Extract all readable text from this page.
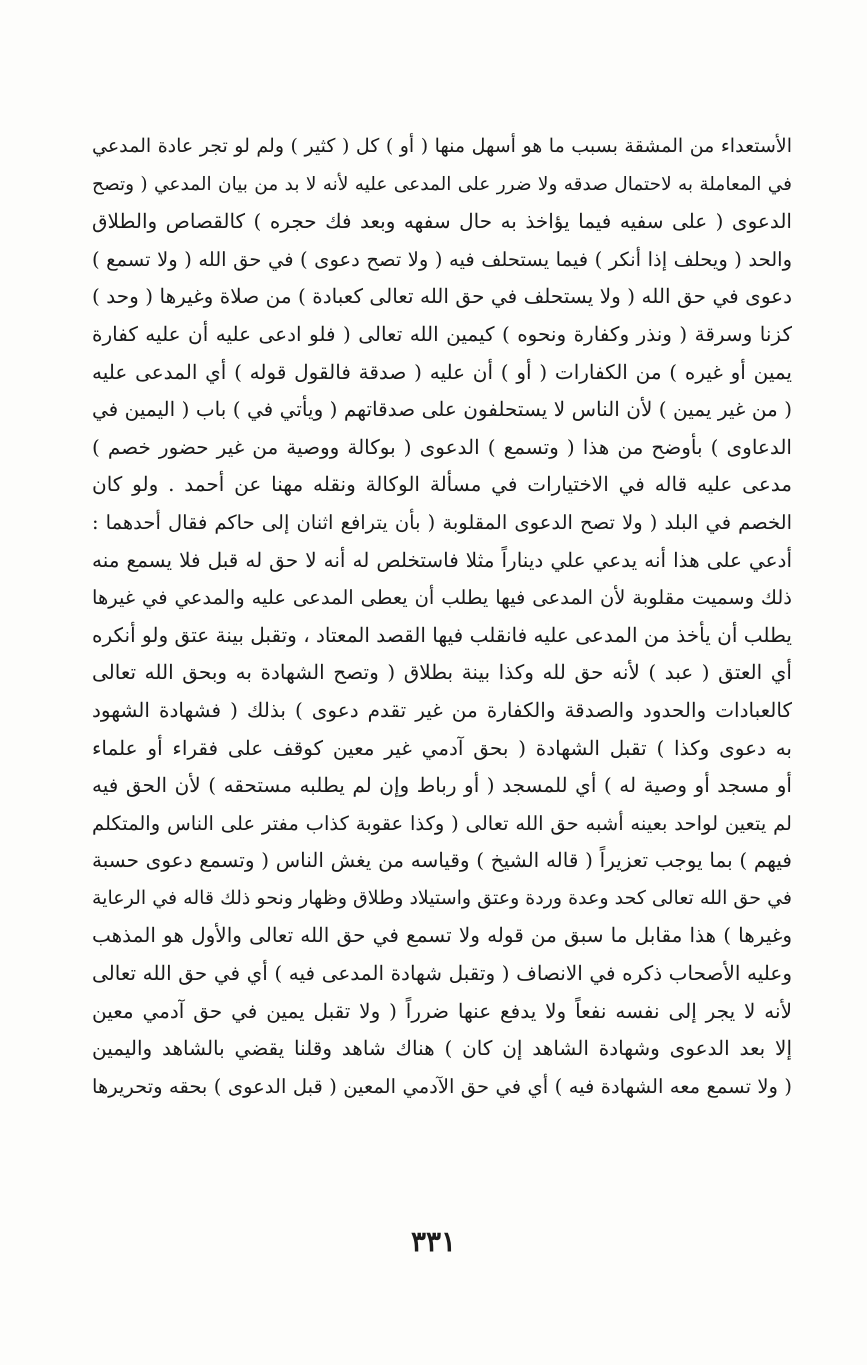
الأستعداء من المشقة بسبب ما هو أسهل منها ( أو ) كل ( كثير ) ولم لو تجر عادة المدعي
في المعاملة به لاحتمال صدقه ولا ضرر على المدعى عليه لأنه لا بد من بيان المدعي ( وتصح
الدعوى ( على سفيه فيما يؤاخذ به حال سفهه وبعد فك حجره ) كالقصاص والطلاق
والحد ( ويحلف إذا أنكر ) فيما يستحلف فيه ( ولا تصح دعوى ) في حق الله ( ولا تسمع )
دعوى في حق الله ( ولا يستحلف في حق الله تعالى كعبادة ) من صلاة وغيرها ( وحد )
كزنا وسرقة ( ونذر وكفارة ونحوه ) كيمين الله تعالى ( فلو ادعى عليه أن عليه كفارة
يمين أو غيره ) من الكفارات ( أو ) أن عليه ( صدقة فالقول قوله ) أي المدعى عليه
( من غير يمين ) لأن الناس لا يستحلفون على صدقاتهم ( ويأتي في ) باب ( اليمين في
الدعاوى ) بأوضح من هذا ( وتسمع ) الدعوى ( بوكالة ووصية من غير حضور خصم )
مدعى عليه قاله في الاختيارات في مسألة الوكالة ونقله مهنا عن أحمد . ولو كان
الخصم في البلد ( ولا تصح الدعوى المقلوبة ( بأن يترافع اثنان إلى حاكم فقال أحدهما :
أدعي على هذا أنه يدعي علي ديناراً مثلا فاستخلص له أنه لا حق له قبل فلا يسمع منه
ذلك وسميت مقلوبة لأن المدعى فيها يطلب أن يعطى المدعى عليه والمدعي في غيرها
يطلب أن يأخذ من المدعى عليه فانقلب فيها القصد المعتاد ، وتقبل بينة عتق ولو أنكره
أي العتق ( عبد ) لأنه حق لله وكذا بينة بطلاق ( وتصح الشهادة به وبحق الله تعالى
كالعبادات والحدود والصدقة والكفارة من غير تقدم دعوى ) بذلك ( فشهادة الشهود
به دعوى وكذا ) تقبل الشهادة ( بحق آدمي غير معين كوقف على فقراء أو علماء
أو مسجد أو وصية له ) أي للمسجد ( أو رباط وإن لم يطلبه مستحقه ) لأن الحق فيه
لم يتعين لواحد بعينه أشبه حق الله تعالى ( وكذا عقوبة كذاب مفتر على الناس والمتكلم
فيهم ) بما يوجب تعزيراً ( قاله الشيخ ) وقياسه من يغش الناس ( وتسمع دعوى حسبة
في حق الله تعالى كحد وعدة وردة وعتق واستيلاد وطلاق وظهار ونحو ذلك قاله في الرعاية
وغيرها ) هذا مقابل ما سبق من قوله ولا تسمع في حق الله تعالى والأول هو المذهب
وعليه الأصحاب ذكره في الانصاف ( وتقبل شهادة المدعى فيه ) أي في حق الله تعالى
لأنه لا يجر إلى نفسه نفعاً ولا يدفع عنها ضرراً ( ولا تقبل يمين في حق آدمي معين
إلا بعد الدعوى وشهادة الشاهد إن كان ) هناك شاهد وقلنا يقضي بالشاهد واليمين
( ولا تسمع معه الشهادة فيه ) أي في حق الآدمي المعين ( قبل الدعوى ) بحقه وتحريرها
٣٣١
